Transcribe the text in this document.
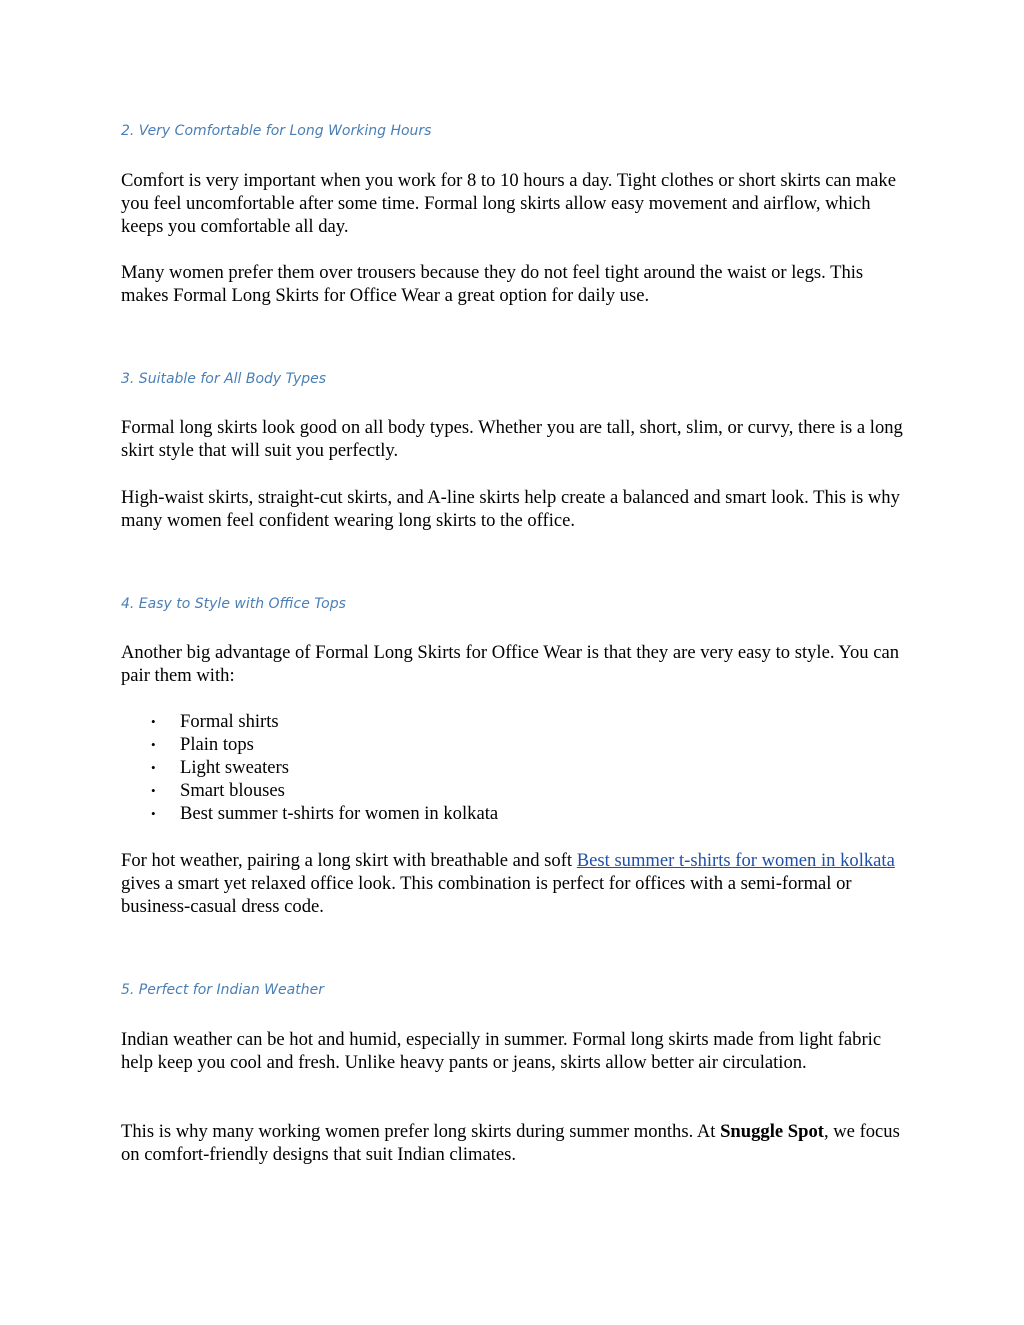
2. Very Comfortable for Long Working Hours

Comfort is very important when you work for 8 to 10 hours a day. Tight clothes or short skirts can make you feel uncomfortable after some time. Formal long skirts allow easy movement and airflow, which keeps you comfortable all day.

Many women prefer them over trousers because they do not feel tight around the waist or legs. This makes Formal Long Skirts for Office Wear a great option for daily use.

3. Suitable for All Body Types

Formal long skirts look good on all body types. Whether you are tall, short, slim, or curvy, there is a long skirt style that will suit you perfectly.

High-waist skirts, straight-cut skirts, and A-line skirts help create a balanced and smart look. This is why many women feel confident wearing long skirts to the office.

4. Easy to Style with Office Tops

Another big advantage of Formal Long Skirts for Office Wear is that they are very easy to style. You can pair them with:

• Formal shirts
• Plain tops
• Light sweaters
• Smart blouses
• Best summer t-shirts for women in kolkata

For hot weather, pairing a long skirt with breathable and soft Best summer t-shirts for women in kolkata gives a smart yet relaxed office look. This combination is perfect for offices with a semi-formal or business-casual dress code.

5. Perfect for Indian Weather

Indian weather can be hot and humid, especially in summer. Formal long skirts made from light fabric help keep you cool and fresh. Unlike heavy pants or jeans, skirts allow better air circulation.

This is why many working women prefer long skirts during summer months. At Snuggle Spot, we focus on comfort-friendly designs that suit Indian climates.
